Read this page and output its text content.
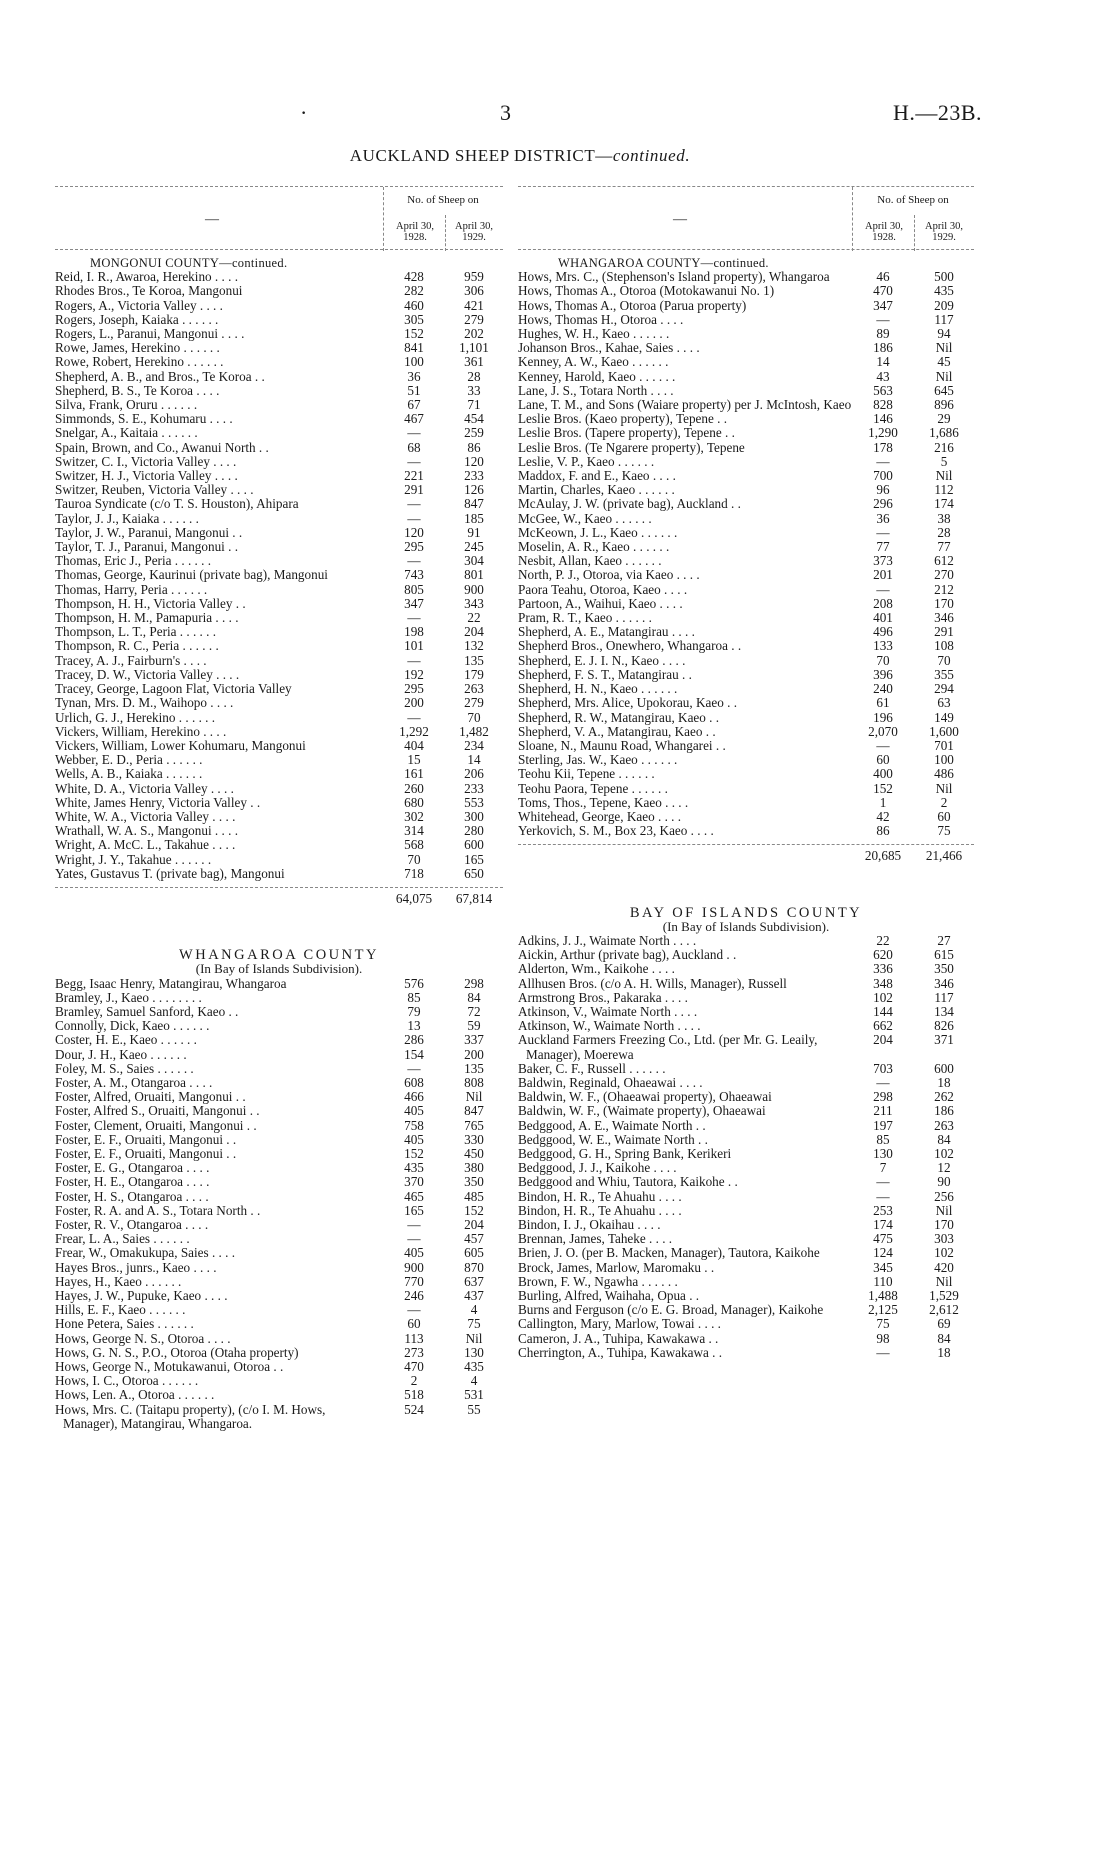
·	3	H.—23B.
AUCKLAND SHEEP DISTRICT—continued.
—
No. of Sheep on
April 30, 1928.
April 30, 1929.
MONGONUI COUNTY—continued.
Reid, I. R., Awaroa, Herekino . . . .	428	959
Rhodes Bros., Te Koroa, Mangonui	282	306
Rogers, A., Victoria Valley . . . .	460	421
Rogers, Joseph, Kaiaka . . . . . .	305	279
Rogers, L., Paranui, Mangonui . . . .	152	202
Rowe, James, Herekino . . . . . .	841	1,101
Rowe, Robert, Herekino . . . . . .	100	361
Shepherd, A. B., and Bros., Te Koroa . .	36	28
Shepherd, B. S., Te Koroa . . . .	51	33
Silva, Frank, Oruru . . . . . .	67	71
Simmonds, S. E., Kohumaru . . . .	467	454
Snelgar, A., Kaitaia . . . . . .	—	259
Spain, Brown, and Co., Awanui North . .	68	86
Switzer, C. I., Victoria Valley . . . .	—	120
Switzer, H. J., Victoria Valley . . . .	221	233
Switzer, Reuben, Victoria Valley . . . .	291	126
Tauroa Syndicate (c/o T. S. Houston), Ahipara	—	847
Taylor, J. J., Kaiaka . . . . . .	—	185
Taylor, J. W., Paranui, Mangonui . .	120	91
Taylor, T. J., Paranui, Mangonui . .	295	245
Thomas, Eric J., Peria . . . . . .	—	304
Thomas, George, Kaurinui (private bag), Mangonui	743	801
Thomas, Harry, Peria . . . . . .	805	900
Thompson, H. H., Victoria Valley . .	347	343
Thompson, H. M., Pamapuria . . . .	—	22
Thompson, L. T., Peria . . . . . .	198	204
Thompson, R. C., Peria . . . . . .	101	132
Tracey, A. J., Fairburn's . . . .	—	135
Tracey, D. W., Victoria Valley . . . .	192	179
Tracey, George, Lagoon Flat, Victoria Valley	295	263
Tynan, Mrs. D. M., Waihopo . . . .	200	279
Urlich, G. J., Herekino . . . . . .	—	70
Vickers, William, Herekino . . . .	1,292	1,482
Vickers, William, Lower Kohumaru, Mangonui	404	234
Webber, E. D., Peria . . . . . .	15	14
Wells, A. B., Kaiaka . . . . . .	161	206
White, D. A., Victoria Valley . . . .	260	233
White, James Henry, Victoria Valley . .	680	553
White, W. A., Victoria Valley . . . .	302	300
Wrathall, W. A. S., Mangonui . . . .	314	280
Wright, A. McC. L., Takahue . . . .	568	600
Wright, J. Y., Takahue . . . . . .	70	165
Yates, Gustavus T. (private bag), Mangonui	718	650
64,075	67,814
WHANGAROA COUNTY
(In Bay of Islands Subdivision).
Begg, Isaac Henry, Matangirau, Whangaroa	576	298
Bramley, J., Kaeo . . . . . . . .	85	84
Bramley, Samuel Sanford, Kaeo . .	79	72
Connolly, Dick, Kaeo . . . . . .	13	59
Coster, H. E., Kaeo . . . . . .	286	337
Dour, J. H., Kaeo . . . . . .	154	200
Foley, M. S., Saies . . . . . .	—	135
Foster, A. M., Otangaroa . . . .	608	808
Foster, Alfred, Oruaiti, Mangonui . .	466	Nil
Foster, Alfred S., Oruaiti, Mangonui . .	405	847
Foster, Clement, Oruaiti, Mangonui . .	758	765
Foster, E. F., Oruaiti, Mangonui . .	405	330
Foster, E. F., Oruaiti, Mangonui . .	152	450
Foster, E. G., Otangaroa . . . .	435	380
Foster, H. E., Otangaroa . . . .	370	350
Foster, H. S., Otangaroa . . . .	465	485
Foster, R. A. and A. S., Totara North . .	165	152
Foster, R. V., Otangaroa . . . .	—	204
Frear, L. A., Saies . . . . . .	—	457
Frear, W., Omakukupa, Saies . . . .	405	605
Hayes Bros., junrs., Kaeo . . . .	900	870
Hayes, H., Kaeo . . . . . .	770	637
Hayes, J. W., Pupuke, Kaeo . . . .	246	437
Hills, E. F., Kaeo . . . . . .	—	4
Hone Petera, Saies . . . . . .	60	75
Hows, George N. S., Otoroa . . . .	113	Nil
Hows, G. N. S., P.O., Otoroa (Otaha property)	273	130
Hows, George N., Motukawanui, Otoroa . .	470	435
Hows, I. C., Otoroa . . . . . .	2	4
Hows, Len. A., Otoroa . . . . . .	518	531
Hows, Mrs. C. (Taitapu property), (c/o I. M. Hows, Manager), Matangirau, Whangaroa.
524	55
—
No. of Sheep on
April 30, 1928.
April 30, 1929.
WHANGAROA COUNTY—continued.
Hows, Mrs. C., (Stephenson's Island property), Whangaroa	46	500
Hows, Thomas A., Otoroa (Motokawanui No. 1)	470	435
Hows, Thomas A., Otoroa (Parua property)	347	209
Hows, Thomas H., Otoroa . . . .	—	117
Hughes, W. H., Kaeo . . . . . .	89	94
Johanson Bros., Kahae, Saies . . . .	186	Nil
Kenney, A. W., Kaeo . . . . . .	14	45
Kenney, Harold, Kaeo . . . . . .	43	Nil
Lane, J. S., Totara North . . . .	563	645
Lane, T. M., and Sons (Waiare property) per J. McIntosh, Kaeo	828	896
Leslie Bros. (Kaeo property), Tepene . .	146	29
Leslie Bros. (Tapere property), Tepene . .	1,290	1,686
Leslie Bros. (Te Ngarere property), Tepene	178	216
Leslie, V. P., Kaeo . . . . . .	—	5
Maddox, F. and E., Kaeo . . . .	700	Nil
Martin, Charles, Kaeo . . . . . .	96	112
McAulay, J. W. (private bag), Auckland . .	296	174
McGee, W., Kaeo . . . . . .	36	38
McKeown, J. L., Kaeo . . . . . .	—	28
Moselin, A. R., Kaeo . . . . . .	77	77
Nesbit, Allan, Kaeo . . . . . .	373	612
North, P. J., Otoroa, via Kaeo . . . .	201	270
Paora Teahu, Otoroa, Kaeo . . . .	—	212
Partoon, A., Waihui, Kaeo . . . .	208	170
Pram, R. T., Kaeo . . . . . .	401	346
Shepherd, A. E., Matangirau . . . .	496	291
Shepherd Bros., Onewhero, Whangaroa . .	133	108
Shepherd, E. J. I. N., Kaeo . . . .	70	70
Shepherd, F. S. T., Matangirau . .	396	355
Shepherd, H. N., Kaeo . . . . . .	240	294
Shepherd, Mrs. Alice, Upokorau, Kaeo . .	61	63
Shepherd, R. W., Matangirau, Kaeo . .	196	149
Shepherd, V. A., Matangirau, Kaeo . .	2,070	1,600
Sloane, N., Maunu Road, Whangarei . .	—	701
Sterling, Jas. W., Kaeo . . . . . .	60	100
Teohu Kii, Tepene . . . . . .	400	486
Teohu Paora, Tepene . . . . . .	152	Nil
Toms, Thos., Tepene, Kaeo . . . .	1	2
Whitehead, George, Kaeo . . . .	42	60
Yerkovich, S. M., Box 23, Kaeo . . . .	86	75
20,685	21,466
BAY OF ISLANDS COUNTY
(In Bay of Islands Subdivision).
Adkins, J. J., Waimate North . . . .	22	27
Aickin, Arthur (private bag), Auckland . .	620	615
Alderton, Wm., Kaikohe . . . .	336	350
Allhusen Bros. (c/o A. H. Wills, Manager), Russell	348	346
Armstrong Bros., Pakaraka . . . .	102	117
Atkinson, V., Waimate North . . . .	144	134
Atkinson, W., Waimate North . . . .	662	826
Auckland Farmers Freezing Co., Ltd. (per Mr. G. Leaily, Manager), Moerewa
204	371
Baker, C. F., Russell . . . . . .	703	600
Baldwin, Reginald, Ohaeawai . . . .	—	18
Baldwin, W. F., (Ohaeawai property), Ohaeawai	298	262
Baldwin, W. F., (Waimate property), Ohaeawai	211	186
Bedggood, A. E., Waimate North . .	197	263
Bedggood, W. E., Waimate North . .	85	84
Bedggood, G. H., Spring Bank, Kerikeri	130	102
Bedggood, J. J., Kaikohe . . . .	7	12
Bedggood and Whiu, Tautora, Kaikohe . .	—	90
Bindon, H. R., Te Ahuahu . . . .	—	256
Bindon, H. R., Te Ahuahu . . . .	253	Nil
Bindon, I. J., Okaihau . . . .	174	170
Brennan, James, Taheke . . . .	475	303
Brien, J. O. (per B. Macken, Manager), Tautora, Kaikohe	124	102
Brock, James, Marlow, Maromaku . .	345	420
Brown, F. W., Ngawha . . . . . .	110	Nil
Burling, Alfred, Waihaha, Opua . .	1,488	1,529
Burns and Ferguson (c/o E. G. Broad, Manager), Kaikohe	2,125	2,612
Callington, Mary, Marlow, Towai . . . .	75	69
Cameron, J. A., Tuhipa, Kawakawa . .	98	84
Cherrington, A., Tuhipa, Kawakawa . .	—	18
